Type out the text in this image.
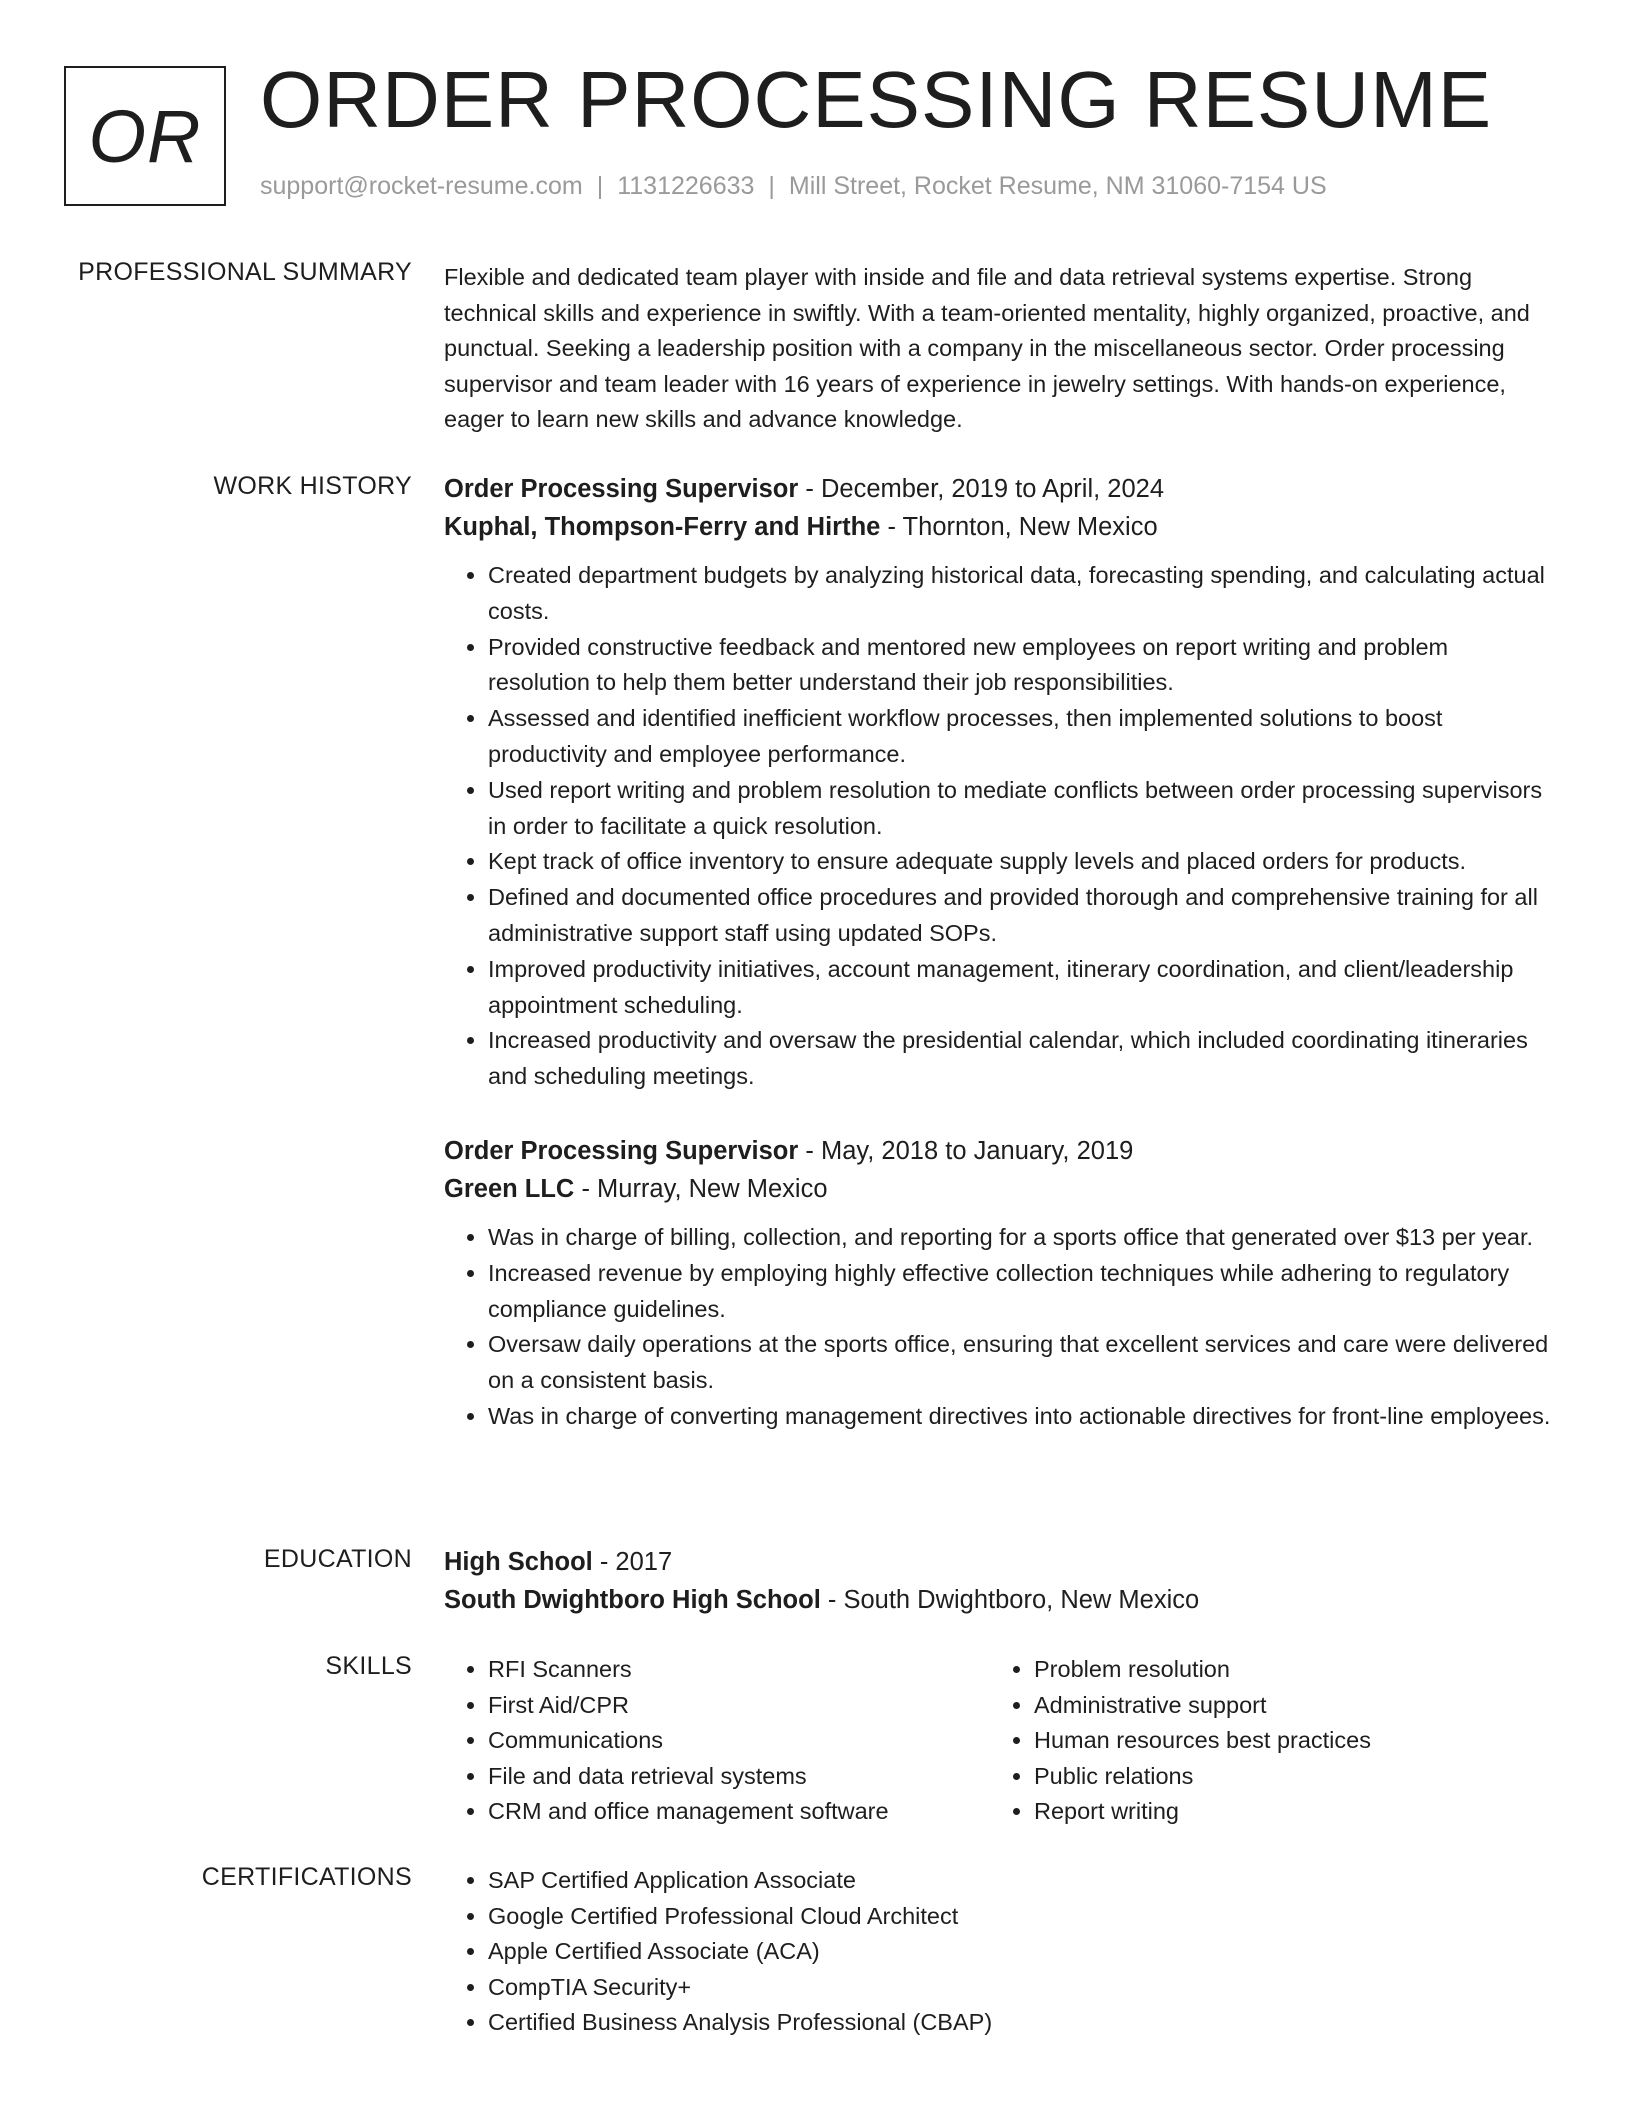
OR ORDER PROCESSING RESUME
support@rocket-resume.com | 1131226633 | Mill Street, Rocket Resume, NM 31060-7154 US
PROFESSIONAL SUMMARY Flexible and dedicated team player with inside and file and data retrieval systems expertise. Strong technical skills and experience in swiftly. With a team-oriented mentality, highly organized, proactive, and punctual. Seeking a leadership position with a company in the miscellaneous sector. Order processing supervisor and team leader with 16 years of experience in jewelry settings. With hands-on experience, eager to learn new skills and advance knowledge.

WORK HISTORY Order Processing Supervisor - December, 2019 to April, 2024
Kuphal, Thompson-Ferry and Hirthe - Thornton, New Mexico
• Created department budgets by analyzing historical data, forecasting spending, and calculating actual costs.
• Provided constructive feedback and mentored new employees on report writing and problem resolution to help them better understand their job responsibilities.
• Assessed and identified inefficient workflow processes, then implemented solutions to boost productivity and employee performance.
• Used report writing and problem resolution to mediate conflicts between order processing supervisors in order to facilitate a quick resolution.
• Kept track of office inventory to ensure adequate supply levels and placed orders for products.
• Defined and documented office procedures and provided thorough and comprehensive training for all administrative support staff using updated SOPs.
• Improved productivity initiatives, account management, itinerary coordination, and client/leadership appointment scheduling.
• Increased productivity and oversaw the presidential calendar, which included coordinating itineraries and scheduling meetings.
Order Processing Supervisor - May, 2018 to January, 2019
Green LLC - Murray, New Mexico
• Was in charge of billing, collection, and reporting for a sports office that generated over $13 per year.
• Increased revenue by employing highly effective collection techniques while adhering to regulatory compliance guidelines.
• Oversaw daily operations at the sports office, ensuring that excellent services and care were delivered on a consistent basis.
• Was in charge of converting management directives into actionable directives for front-line employees.
EDUCATION High School - 2017
South Dwightboro High School - South Dwightboro, New Mexico
SKILLS	• RFI Scanners
• First Aid/CPR
• Communications
• File and data retrieval systems
• CRM and office management software
• Problem resolution
• Administrative support
• Human resources best practices
• Public relations
• Report writing
CERTIFICATIONS	• SAP Certified Application Associate
• Google Certified Professional Cloud Architect
• Apple Certified Associate (ACA)
• CompTIA Security+
• Certified Business Analysis Professional (CBAP)
